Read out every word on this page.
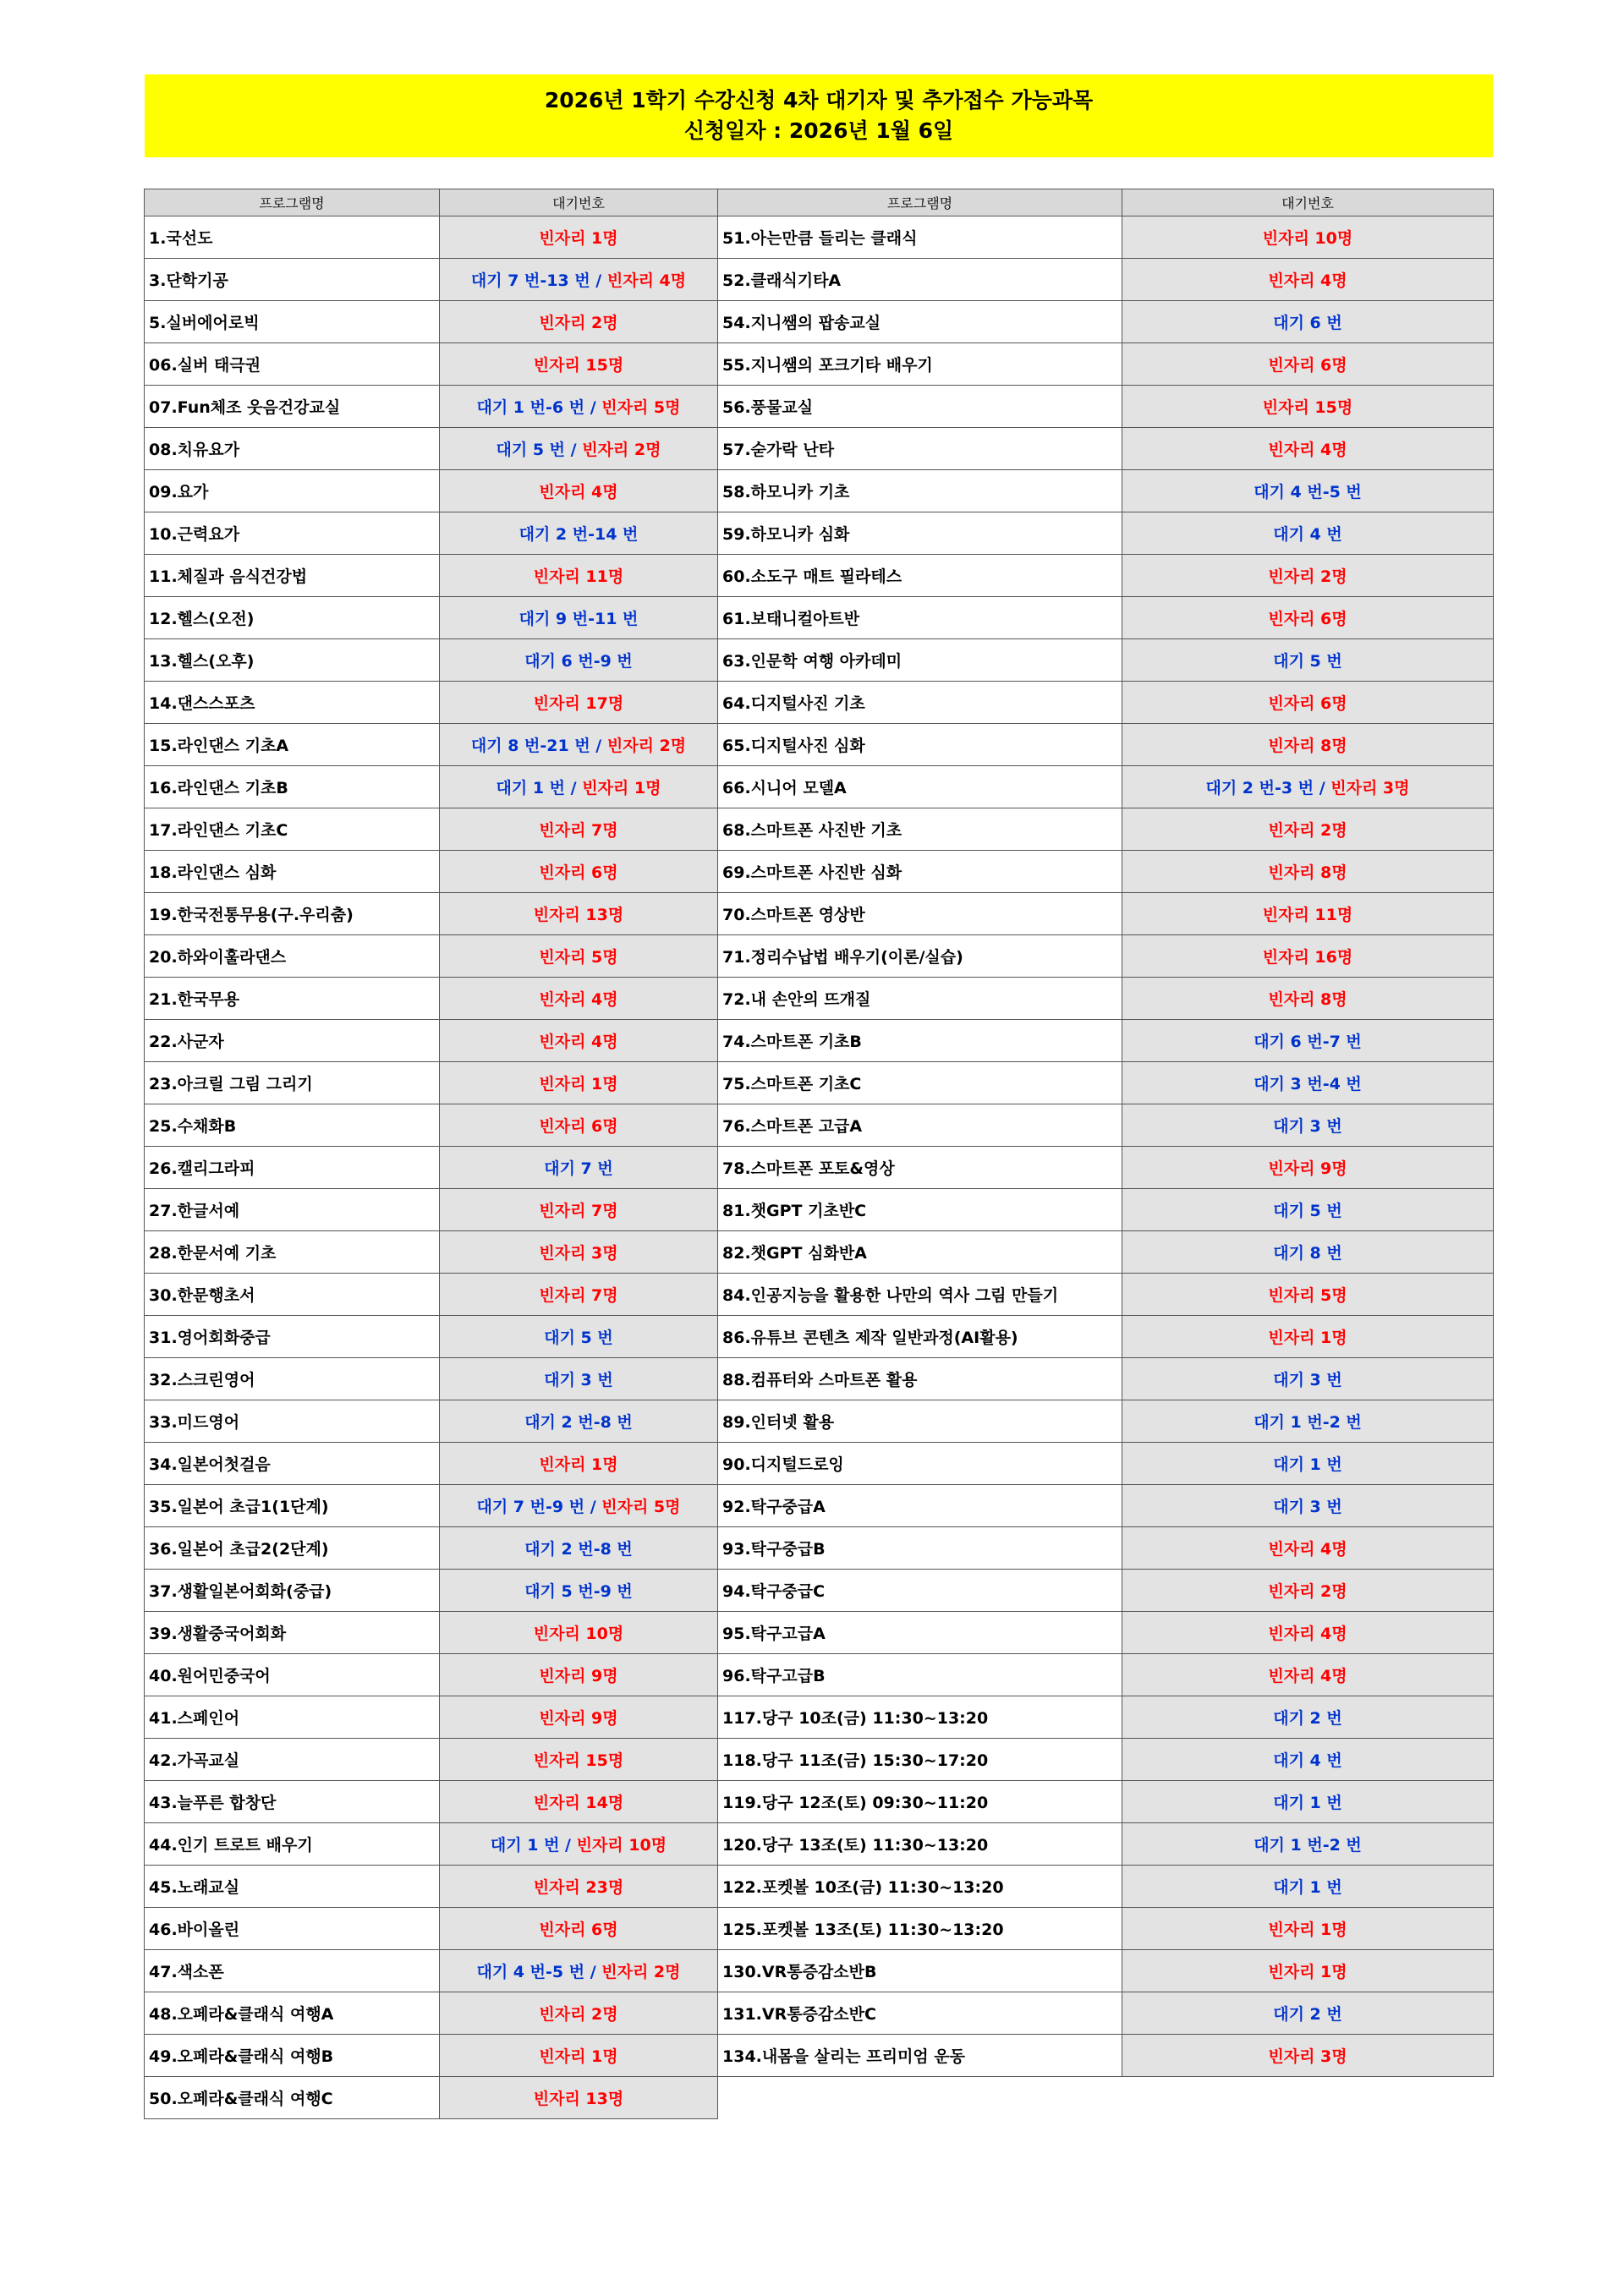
2026년 1학기 수강신청 4차 대기자 및 추가접수 가능과목
신청일자 : 2026년 1월 6일
프로그램명	대기번호	프로그램명	대기번호
1.국선도	빈자리 1명	51.아는만큼 들리는 클래식	빈자리 10명
3.단학기공	대기 7 번-13 번 / 빈자리 4명	52.클래식기타A	빈자리 4명
5.실버에어로빅	빈자리 2명	54.지니쌤의 팝송교실	대기 6 번
06.실버 태극권	빈자리 15명	55.지니쌤의 포크기타 배우기	빈자리 6명
07.Fun체조 웃음건강교실	대기 1 번-6 번 / 빈자리 5명	56.풍물교실	빈자리 15명
08.치유요가	대기 5 번 / 빈자리 2명	57.숟가락 난타	빈자리 4명
09.요가	빈자리 4명	58.하모니카 기초	대기 4 번-5 번
10.근력요가	대기 2 번-14 번	59.하모니카 심화	대기 4 번
11.체질과 음식건강법	빈자리 11명	60.소도구 매트 필라테스	빈자리 2명
12.헬스(오전)	대기 9 번-11 번	61.보태니컬아트반	빈자리 6명
13.헬스(오후)	대기 6 번-9 번	63.인문학 여행 아카데미	대기 5 번
14.댄스스포츠	빈자리 17명	64.디지털사진 기초	빈자리 6명
15.라인댄스 기초A	대기 8 번-21 번 / 빈자리 2명	65.디지털사진 심화	빈자리 8명
16.라인댄스 기초B	대기 1 번 / 빈자리 1명	66.시니어 모델A	대기 2 번-3 번 / 빈자리 3명
17.라인댄스 기초C	빈자리 7명	68.스마트폰 사진반 기초	빈자리 2명
18.라인댄스 심화	빈자리 6명	69.스마트폰 사진반 심화	빈자리 8명
19.한국전통무용(구.우리춤)	빈자리 13명	70.스마트폰 영상반	빈자리 11명
20.하와이훌라댄스	빈자리 5명	71.정리수납법 배우기(이론/실습)	빈자리 16명
21.한국무용	빈자리 4명	72.내 손안의 뜨개질	빈자리 8명
22.사군자	빈자리 4명	74.스마트폰 기초B	대기 6 번-7 번
23.아크릴 그림 그리기	빈자리 1명	75.스마트폰 기초C	대기 3 번-4 번
25.수채화B	빈자리 6명	76.스마트폰 고급A	대기 3 번
26.캘리그라피	대기 7 번	78.스마트폰 포토&영상	빈자리 9명
27.한글서예	빈자리 7명	81.챗GPT 기초반C	대기 5 번
28.한문서예 기초	빈자리 3명	82.챗GPT 심화반A	대기 8 번
30.한문행초서	빈자리 7명	84.인공지능을 활용한 나만의 역사 그림 만들기	빈자리 5명
31.영어회화중급	대기 5 번	86.유튜브 콘텐츠 제작 일반과정(AI활용)	빈자리 1명
32.스크린영어	대기 3 번	88.컴퓨터와 스마트폰 활용	대기 3 번
33.미드영어	대기 2 번-8 번	89.인터넷 활용	대기 1 번-2 번
34.일본어첫걸음	빈자리 1명	90.디지털드로잉	대기 1 번
35.일본어 초급1(1단계)	대기 7 번-9 번 / 빈자리 5명	92.탁구중급A	대기 3 번
36.일본어 초급2(2단계)	대기 2 번-8 번	93.탁구중급B	빈자리 4명
37.생활일본어회화(중급)	대기 5 번-9 번	94.탁구중급C	빈자리 2명
39.생활중국어회화	빈자리 10명	95.탁구고급A	빈자리 4명
40.원어민중국어	빈자리 9명	96.탁구고급B	빈자리 4명
41.스페인어	빈자리 9명	117.당구 10조(금) 11:30~13:20	대기 2 번
42.가곡교실	빈자리 15명	118.당구 11조(금) 15:30~17:20	대기 4 번
43.늘푸른 합창단	빈자리 14명	119.당구 12조(토) 09:30~11:20	대기 1 번
44.인기 트로트 배우기	대기 1 번 / 빈자리 10명	120.당구 13조(토) 11:30~13:20	대기 1 번-2 번
45.노래교실	빈자리 23명	122.포켓볼 10조(금) 11:30~13:20	대기 1 번
46.바이올린	빈자리 6명	125.포켓볼 13조(토) 11:30~13:20	빈자리 1명
47.색소폰	대기 4 번-5 번 / 빈자리 2명	130.VR통증감소반B	빈자리 1명
48.오페라&클래식 여행A	빈자리 2명	131.VR통증감소반C	대기 2 번
49.오페라&클래식 여행B	빈자리 1명	134.내몸을 살리는 프리미엄 운동	빈자리 3명
50.오페라&클래식 여행C	빈자리 13명		
